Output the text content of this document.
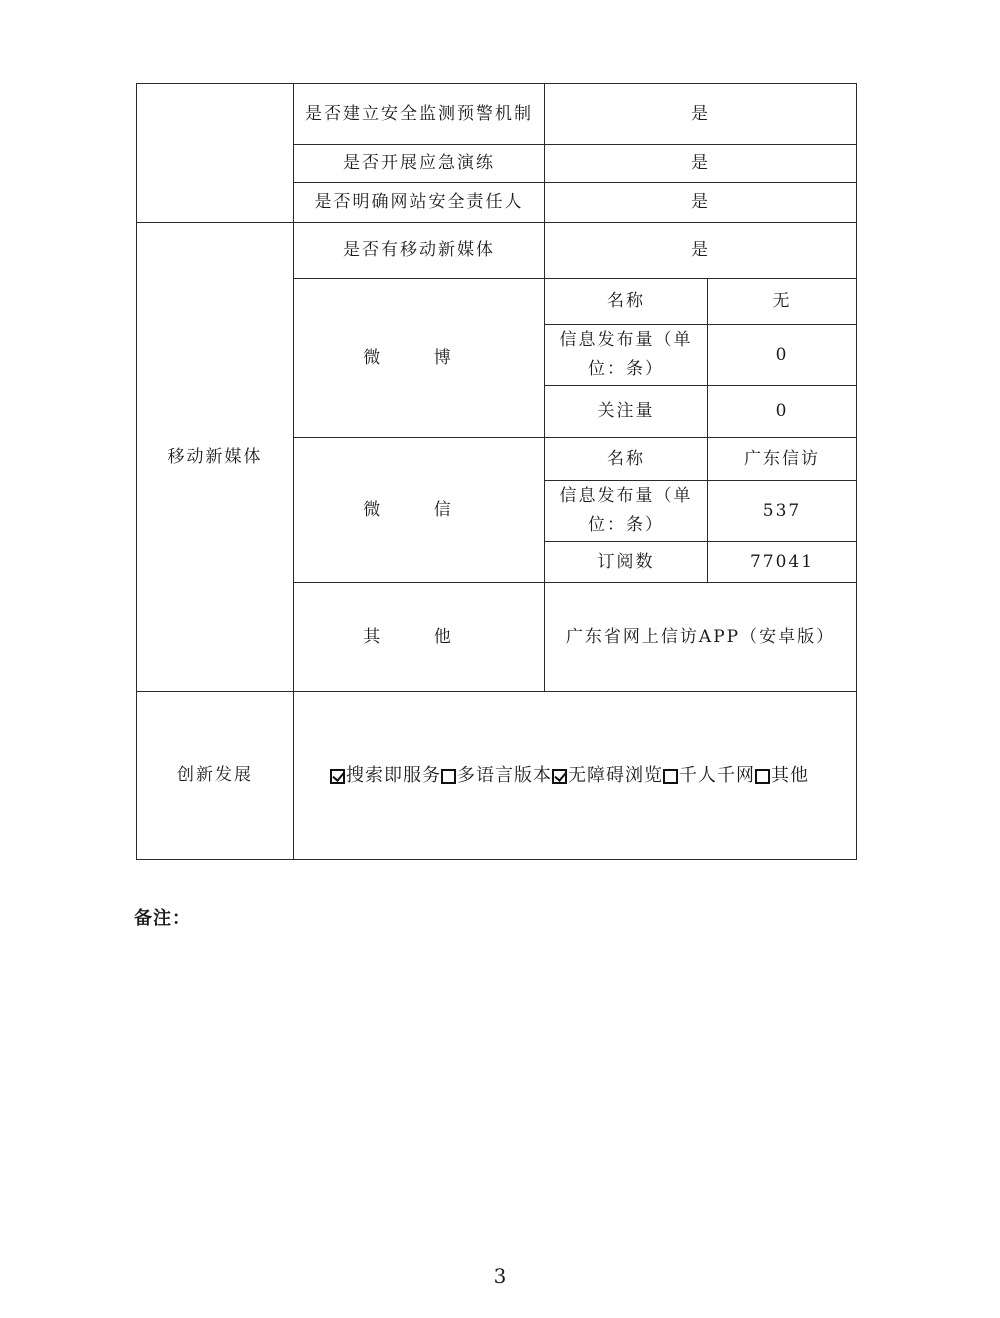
	是否建立安全监测预警机制	是	
	是否开展应急演练	是	
	是否明确网站安全责任人	是	
移动新媒体	是否有移动新媒体	是	
	微 博	名称	无
		信息发布量（单位：条）	0
		关注量	0
	微 信	名称	广东信访
		信息发布量（单位：条）	537
		订阅数	77041
	其 他	广东省网上信访APP（安卓版）	
创新发展	搜索即服务 多语言版本 无障碍浏览 千人千网 其他		
备注：
3
